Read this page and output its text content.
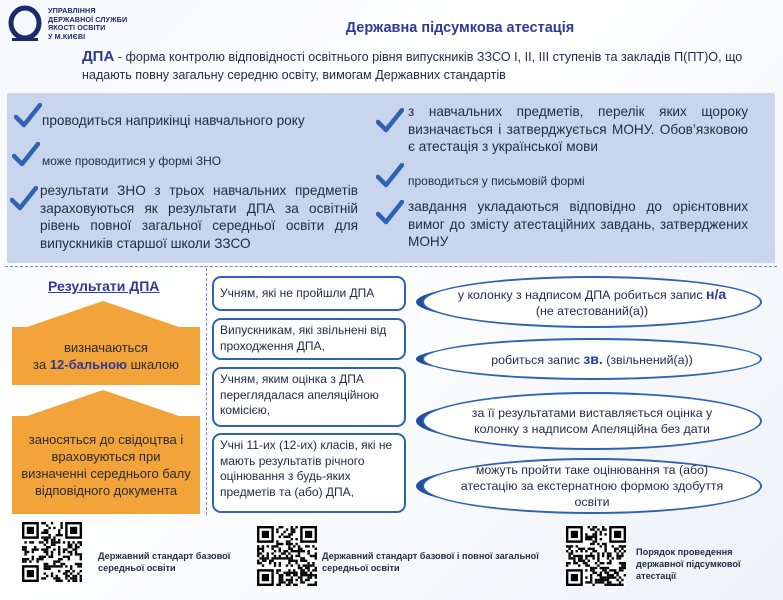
УПРАВЛІННЯ
ДЕРЖАВНОЇ СЛУЖБИ
ЯКОСТІ ОСВІТИ
У М.КИЄВІ
Державна підсумкова атестація
ДПА - форма контролю відповідності освітнього рівня випускників ЗЗСО І, ІІ, ІІІ ступенів та закладів П(ПТ)О, що надають повну загальну середню освіту, вимогам Державних стандартів
проводиться наприкінці навчального року
може проводитися у формі ЗНО
результати ЗНО з трьох навчальних предметів зараховуються як результати ДПА за освітній рівень повної загальної середньої освіти для випускників старшої школи ЗЗСО
з навчальних предметів, перелік яких щороку визначається і затверджується МОНУ. Обов’язковою є атестація з української мови
проводиться у письмовій формі
завдання укладаються відповідно до орієнтовних вимог до змісту атестаційних завдань, затверджених МОНУ
Результати ДПА
визначаються
за 12-бальною шкалою
заносяться до свідоцтва і враховуються при визначенні середнього балу відповідного документа
Учням, які не пройшли ДПА
Випускникам, які звільнені від проходження ДПА,
Учням, яким оцінка з ДПА переглядалася апеляційною комісією,
Учні 11-их (12-их) класів, які не мають результатів річного оцінювання з будь-яких предметів та (або) ДПА,
у колонку з надписом ДПА робиться запис н/а (не атестований(а))
робиться запис зв. (звільнений(а))
за її результатами виставляється оцінка у колонку з надписом Апеляційна без дати
можуть пройти таке оцінювання та (або) атестацію за екстернатною формою здобуття освіти
Державний стандарт базової середньої освіти
Державний стандарт базової і повної загальної середньої освіти
Порядок проведення державної підсумкової атестації
